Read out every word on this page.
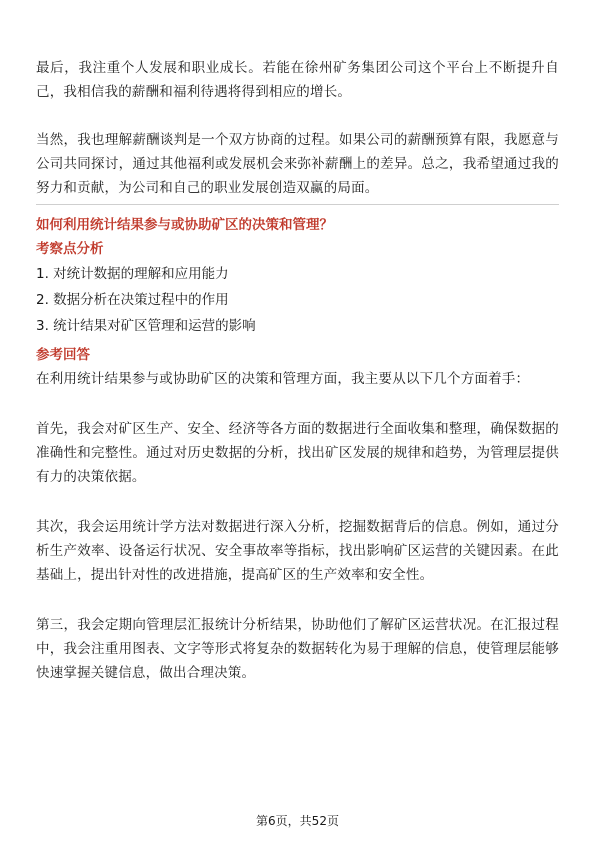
最后，我注重个人发展和职业成长。若能在徐州矿务集团公司这个平台上不断提升自己，我相信我的薪酬和福利待遇将得到相应的增长。

当然，我也理解薪酬谈判是一个双方协商的过程。如果公司的薪酬预算有限，我愿意与公司共同探讨，通过其他福利或发展机会来弥补薪酬上的差异。总之，我希望通过我的努力和贡献，为公司和自己的职业发展创造双赢的局面。

如何利用统计结果参与或协助矿区的决策和管理？

考察点分析

1. 对统计数据的理解和应用能力
2. 数据分析在决策过程中的作用
3. 统计结果对矿区管理和运营的影响

参考回答

在利用统计结果参与或协助矿区的决策和管理方面，我主要从以下几个方面着手：

首先，我会对矿区生产、安全、经济等各方面的数据进行全面收集和整理，确保数据的准确性和完整性。通过对历史数据的分析，找出矿区发展的规律和趋势，为管理层提供有力的决策依据。

其次，我会运用统计学方法对数据进行深入分析，挖掘数据背后的信息。例如，通过分析生产效率、设备运行状况、安全事故率等指标，找出影响矿区运营的关键因素。在此基础上，提出针对性的改进措施，提高矿区的生产效率和安全性。

第三，我会定期向管理层汇报统计分析结果，协助他们了解矿区运营状况。在汇报过程中，我会注重用图表、文字等形式将复杂的数据转化为易于理解的信息，使管理层能够快速掌握关键信息，做出合理决策。

第6页，共52页
